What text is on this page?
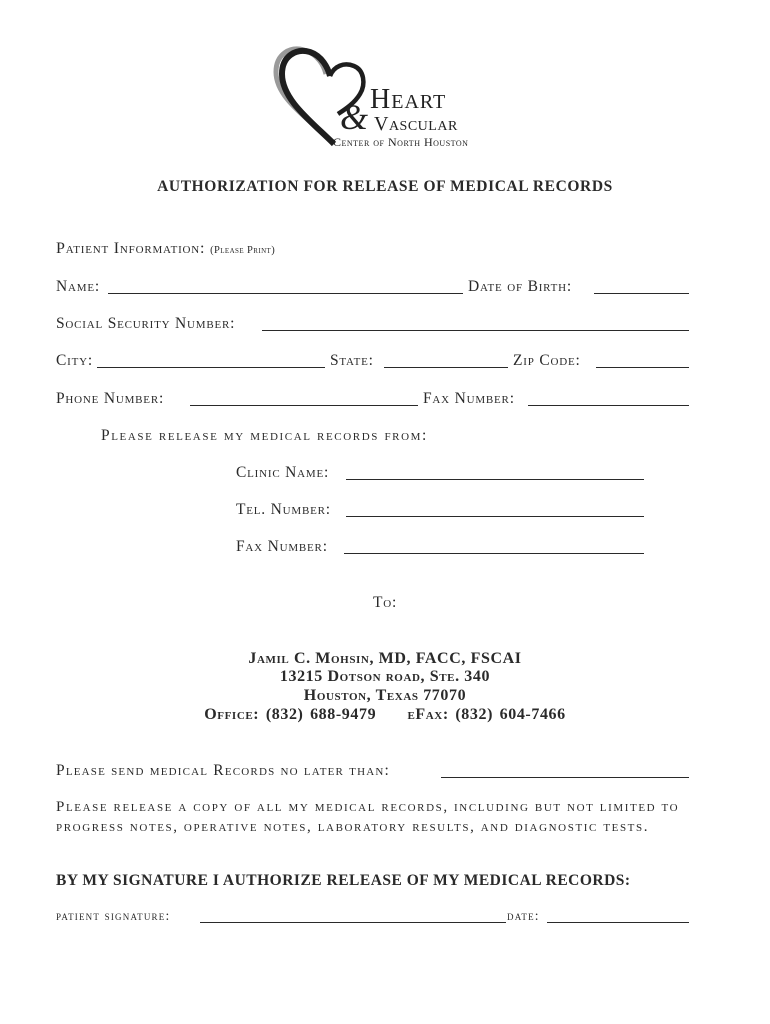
& Heart
Vascular
Center of North Houston
AUTHORIZATION FOR RELEASE OF MEDICAL RECORDS
Patient Information: (Please Print)
Name:	Date of Birth:
Social Security Number:
City:	State:	Zip Code:
Phone Number:	Fax Number:
Please release my medical records from:
Clinic Name:
Tel. Number:
Fax Number:
To:
Jamil C. Mohsin, MD, FACC, FSCAI
13215 Dotson road, Ste. 340
Houston, Texas 77070
Office: (832) 688-9479 eFax: (832) 604-7466
Please send medical Records no later than:
Please release a copy of all my medical records, including but not limited to progress notes, operative notes, laboratory results, and diagnostic tests.
BY MY SIGNATURE I AUTHORIZE RELEASE OF MY MEDICAL RECORDS:
patient signature:	date:
